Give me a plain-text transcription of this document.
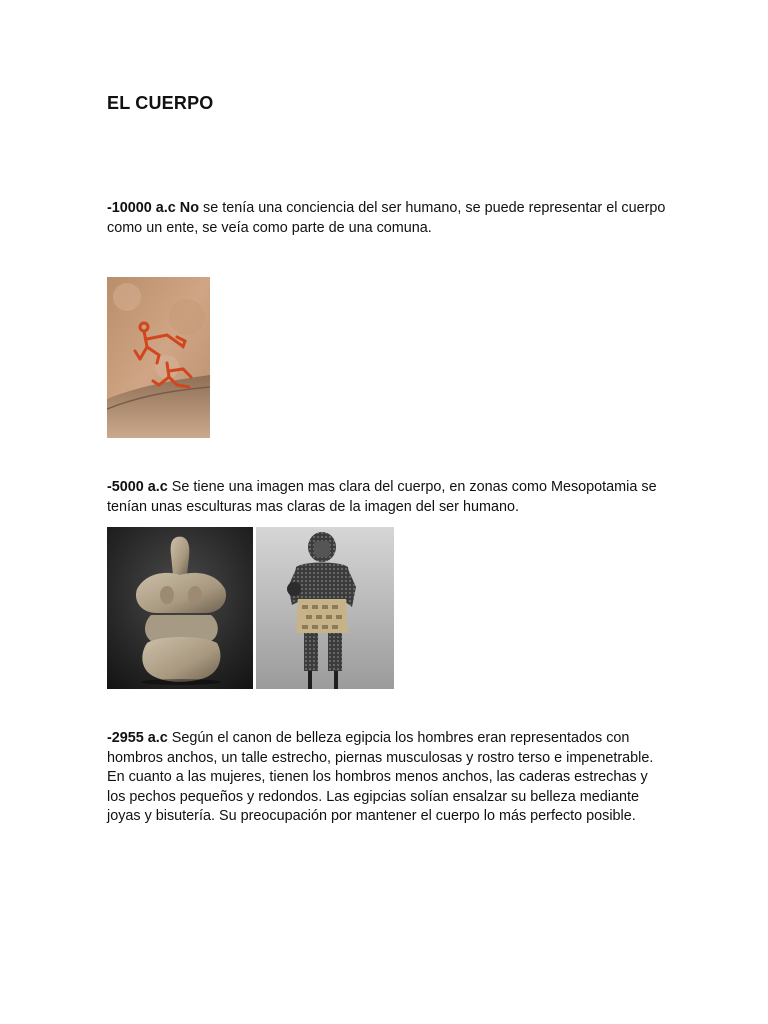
EL CUERPO

-10000 a.c No se tenía una conciencia del ser humano, se puede representar el cuerpo como un ente, se veía como parte de una comuna.

-5000 a.c Se tiene una imagen mas clara del cuerpo, en zonas como Mesopotamia se tenían unas esculturas mas claras de la imagen del ser humano.

-2955 a.c Según el canon de belleza egipcia los hombres eran representados con hombros anchos, un talle estrecho, piernas musculosas y rostro terso e impenetrable. En cuanto a las mujeres, tienen los hombros menos anchos, las caderas estrechas y los pechos pequeños y redondos. Las egipcias solían ensalzar su belleza mediante joyas y bisutería. Su preocupación por mantener el cuerpo lo más perfecto posible.
